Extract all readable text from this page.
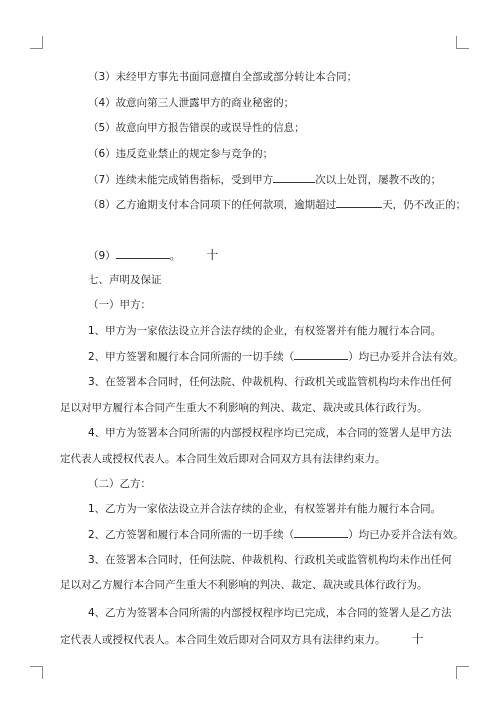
（3）未经甲方事先书面同意擅自全部或部分转让本合同；
（4）故意向第三人泄露甲方的商业秘密的；
（5）故意向甲方报告错误的或误导性的信息；
（6）违反竞业禁止的规定参与竞争的；
（7）连续未能完成销售指标，受到甲方	次以上处罚，屡教不改的；
（8）乙方逾期支付本合同项下的任何款项，逾期超过	天，仍不改正的；
（9）	。 十
七、声明及保证
（一）甲方：
1、甲方为一家依法设立并合法存续的企业，有权签署并有能力履行本合同。
2、甲方签署和履行本合同所需的一切手续（	）均已办妥并合法有效。
3、在签署本合同时，任何法院、仲裁机构、行政机关或监管机构均未作出任何
足以对甲方履行本合同产生重大不利影响的判决、裁定、裁决或具体行政行为。
4、甲方为签署本合同所需的内部授权程序均已完成，本合同的签署人是甲方法
定代表人或授权代表人。本合同生效后即对合同双方具有法律约束力。
（二）乙方：
1、乙方为一家依法设立并合法存续的企业，有权签署并有能力履行本合同。
2、乙方签署和履行本合同所需的一切手续（	）均已办妥并合法有效。
3、在签署本合同时，任何法院、仲裁机构、行政机关或监管机构均未作出任何
足以对乙方履行本合同产生重大不利影响的判决、裁定、裁决或具体行政行为。
4、乙方为签署本合同所需的内部授权程序均已完成，本合同的签署人是乙方法
定代表人或授权代表人。本合同生效后即对合同双方具有法律约束力。 十
